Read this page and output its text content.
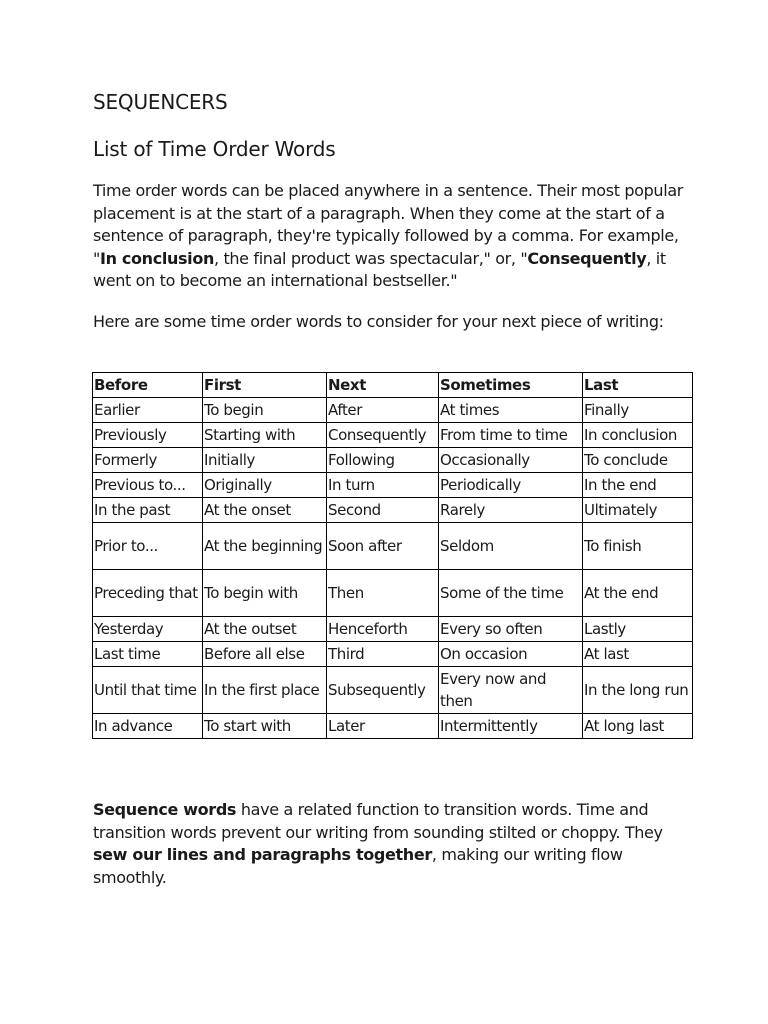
SEQUENCERS
List of Time Order Words

Time order words can be placed anywhere in a sentence. Their most popular placement is at the start of a paragraph. When they come at the start of a sentence of paragraph, they're typically followed by a comma. For example, "In conclusion, the final product was spectacular," or, "Consequently, it went on to become an international bestseller."

Here are some time order words to consider for your next piece of writing:

Before	First	Next	Sometimes	Last
Earlier	To begin	After	At times	Finally
Previously	Starting with	Consequently	From time to time	In conclusion
Formerly	Initially	Following	Occasionally	To conclude
Previous to...	Originally	In turn	Periodically	In the end
In the past	At the onset	Second	Rarely	Ultimately
Prior to...	At the beginning	Soon after	Seldom	To finish
Preceding that	To begin with	Then	Some of the time	At the end
Yesterday	At the outset	Henceforth	Every so often	Lastly
Last time	Before all else	Third	On occasion	At last
Until that time	In the first place	Subsequently	Every now and then	In the long run
In advance	To start with	Later	Intermittently	At long last

Sequence words have a related function to transition words. Time and transition words prevent our writing from sounding stilted or choppy. They sew our lines and paragraphs together, making our writing flow smoothly.
